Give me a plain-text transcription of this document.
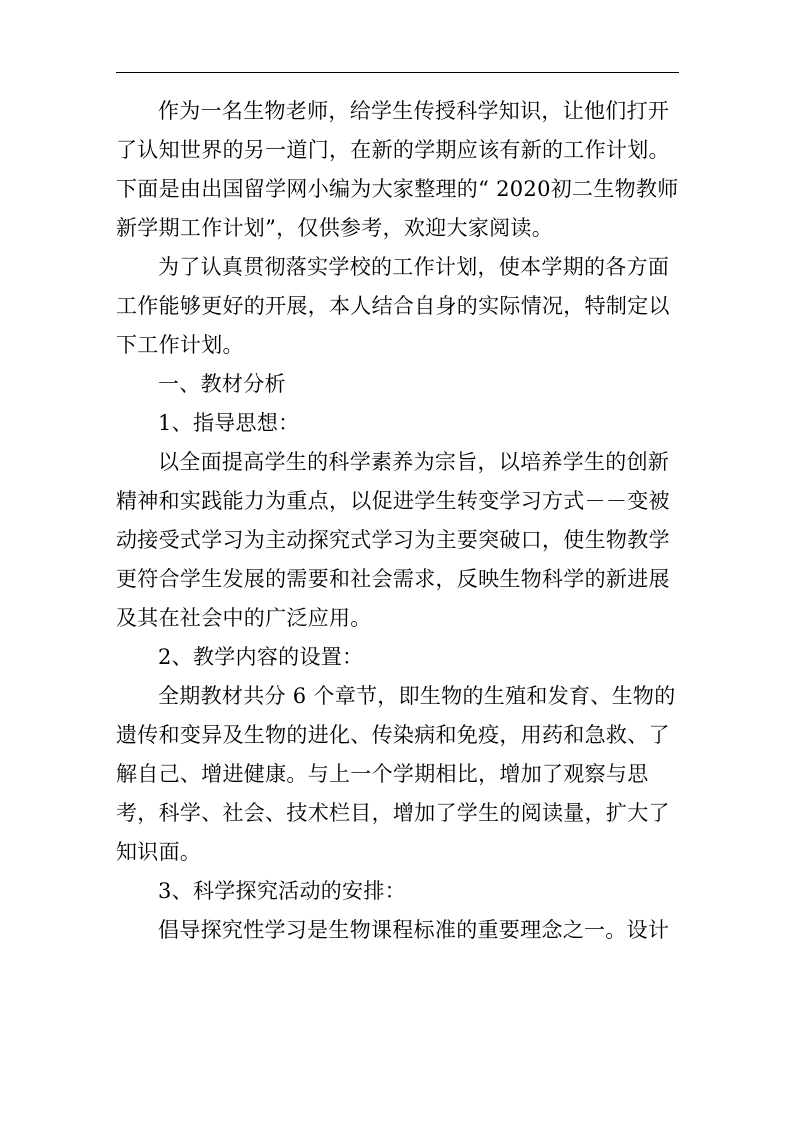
作为一名生物老师，给学生传授科学知识，让他们打开了认知世界的另一道门，在新的学期应该有新的工作计划。下面是由出国留学网小编为大家整理的“ 2020初二生物教师新学期工作计划”，仅供参考，欢迎大家阅读。

为了认真贯彻落实学校的工作计划，使本学期的各方面工作能够更好的开展，本人结合自身的实际情况，特制定以下工作计划。

一、教材分析

1、指导思想：

以全面提高学生的科学素养为宗旨，以培养学生的创新精神和实践能力为重点，以促进学生转变学习方式－－变被动接受式学习为主动探究式学习为主要突破口，使生物教学更符合学生发展的需要和社会需求，反映生物科学的新进展及其在社会中的广泛应用。

2、教学内容的设置：

全期教材共分 6 个章节，即生物的生殖和发育、生物的遗传和变异及生物的进化、传染病和免疫，用药和急救、了解自己、增进健康。与上一个学期相比，增加了观察与思考，科学、社会、技术栏目，增加了学生的阅读量，扩大了知识面。

3、科学探究活动的安排：

倡导探究性学习是生物课程标准的重要理念之一。设计
